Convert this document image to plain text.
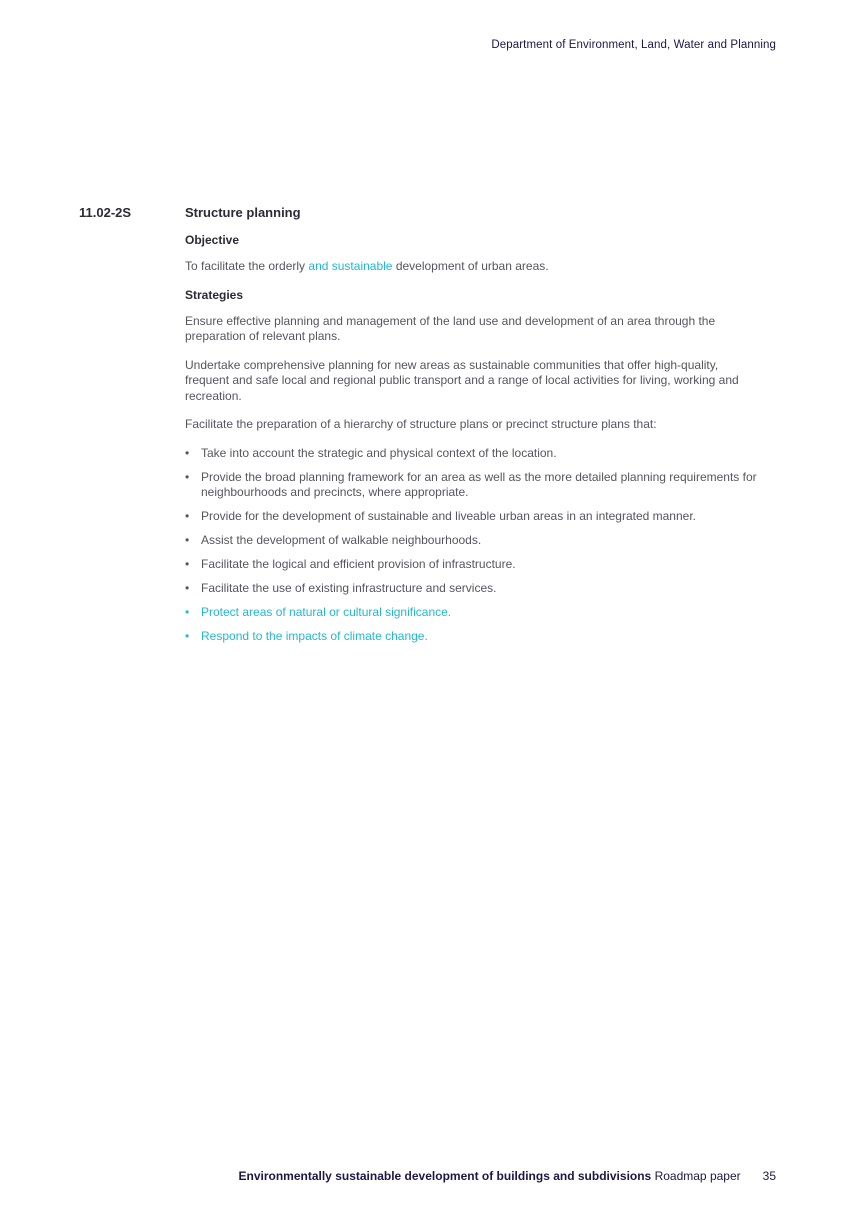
Department of Environment, Land, Water and Planning
11.02-2S	Structure planning
Objective

To facilitate the orderly and sustainable development of urban areas.

Strategies

Ensure effective planning and management of the land use and development of an area through the preparation of relevant plans.

Undertake comprehensive planning for new areas as sustainable communities that offer high-quality, frequent and safe local and regional public transport and a range of local activities for living, working and recreation.

Facilitate the preparation of a hierarchy of structure plans or precinct structure plans that:

• Take into account the strategic and physical context of the location.
• Provide the broad planning framework for an area as well as the more detailed planning requirements for neighbourhoods and precincts, where appropriate.
• Provide for the development of sustainable and liveable urban areas in an integrated manner.
• Assist the development of walkable neighbourhoods.
• Facilitate the logical and efficient provision of infrastructure.
• Facilitate the use of existing infrastructure and services.
• Protect areas of natural or cultural significance.
• Respond to the impacts of climate change.
Environmentally sustainable development of buildings and subdivisions Roadmap paper 35
